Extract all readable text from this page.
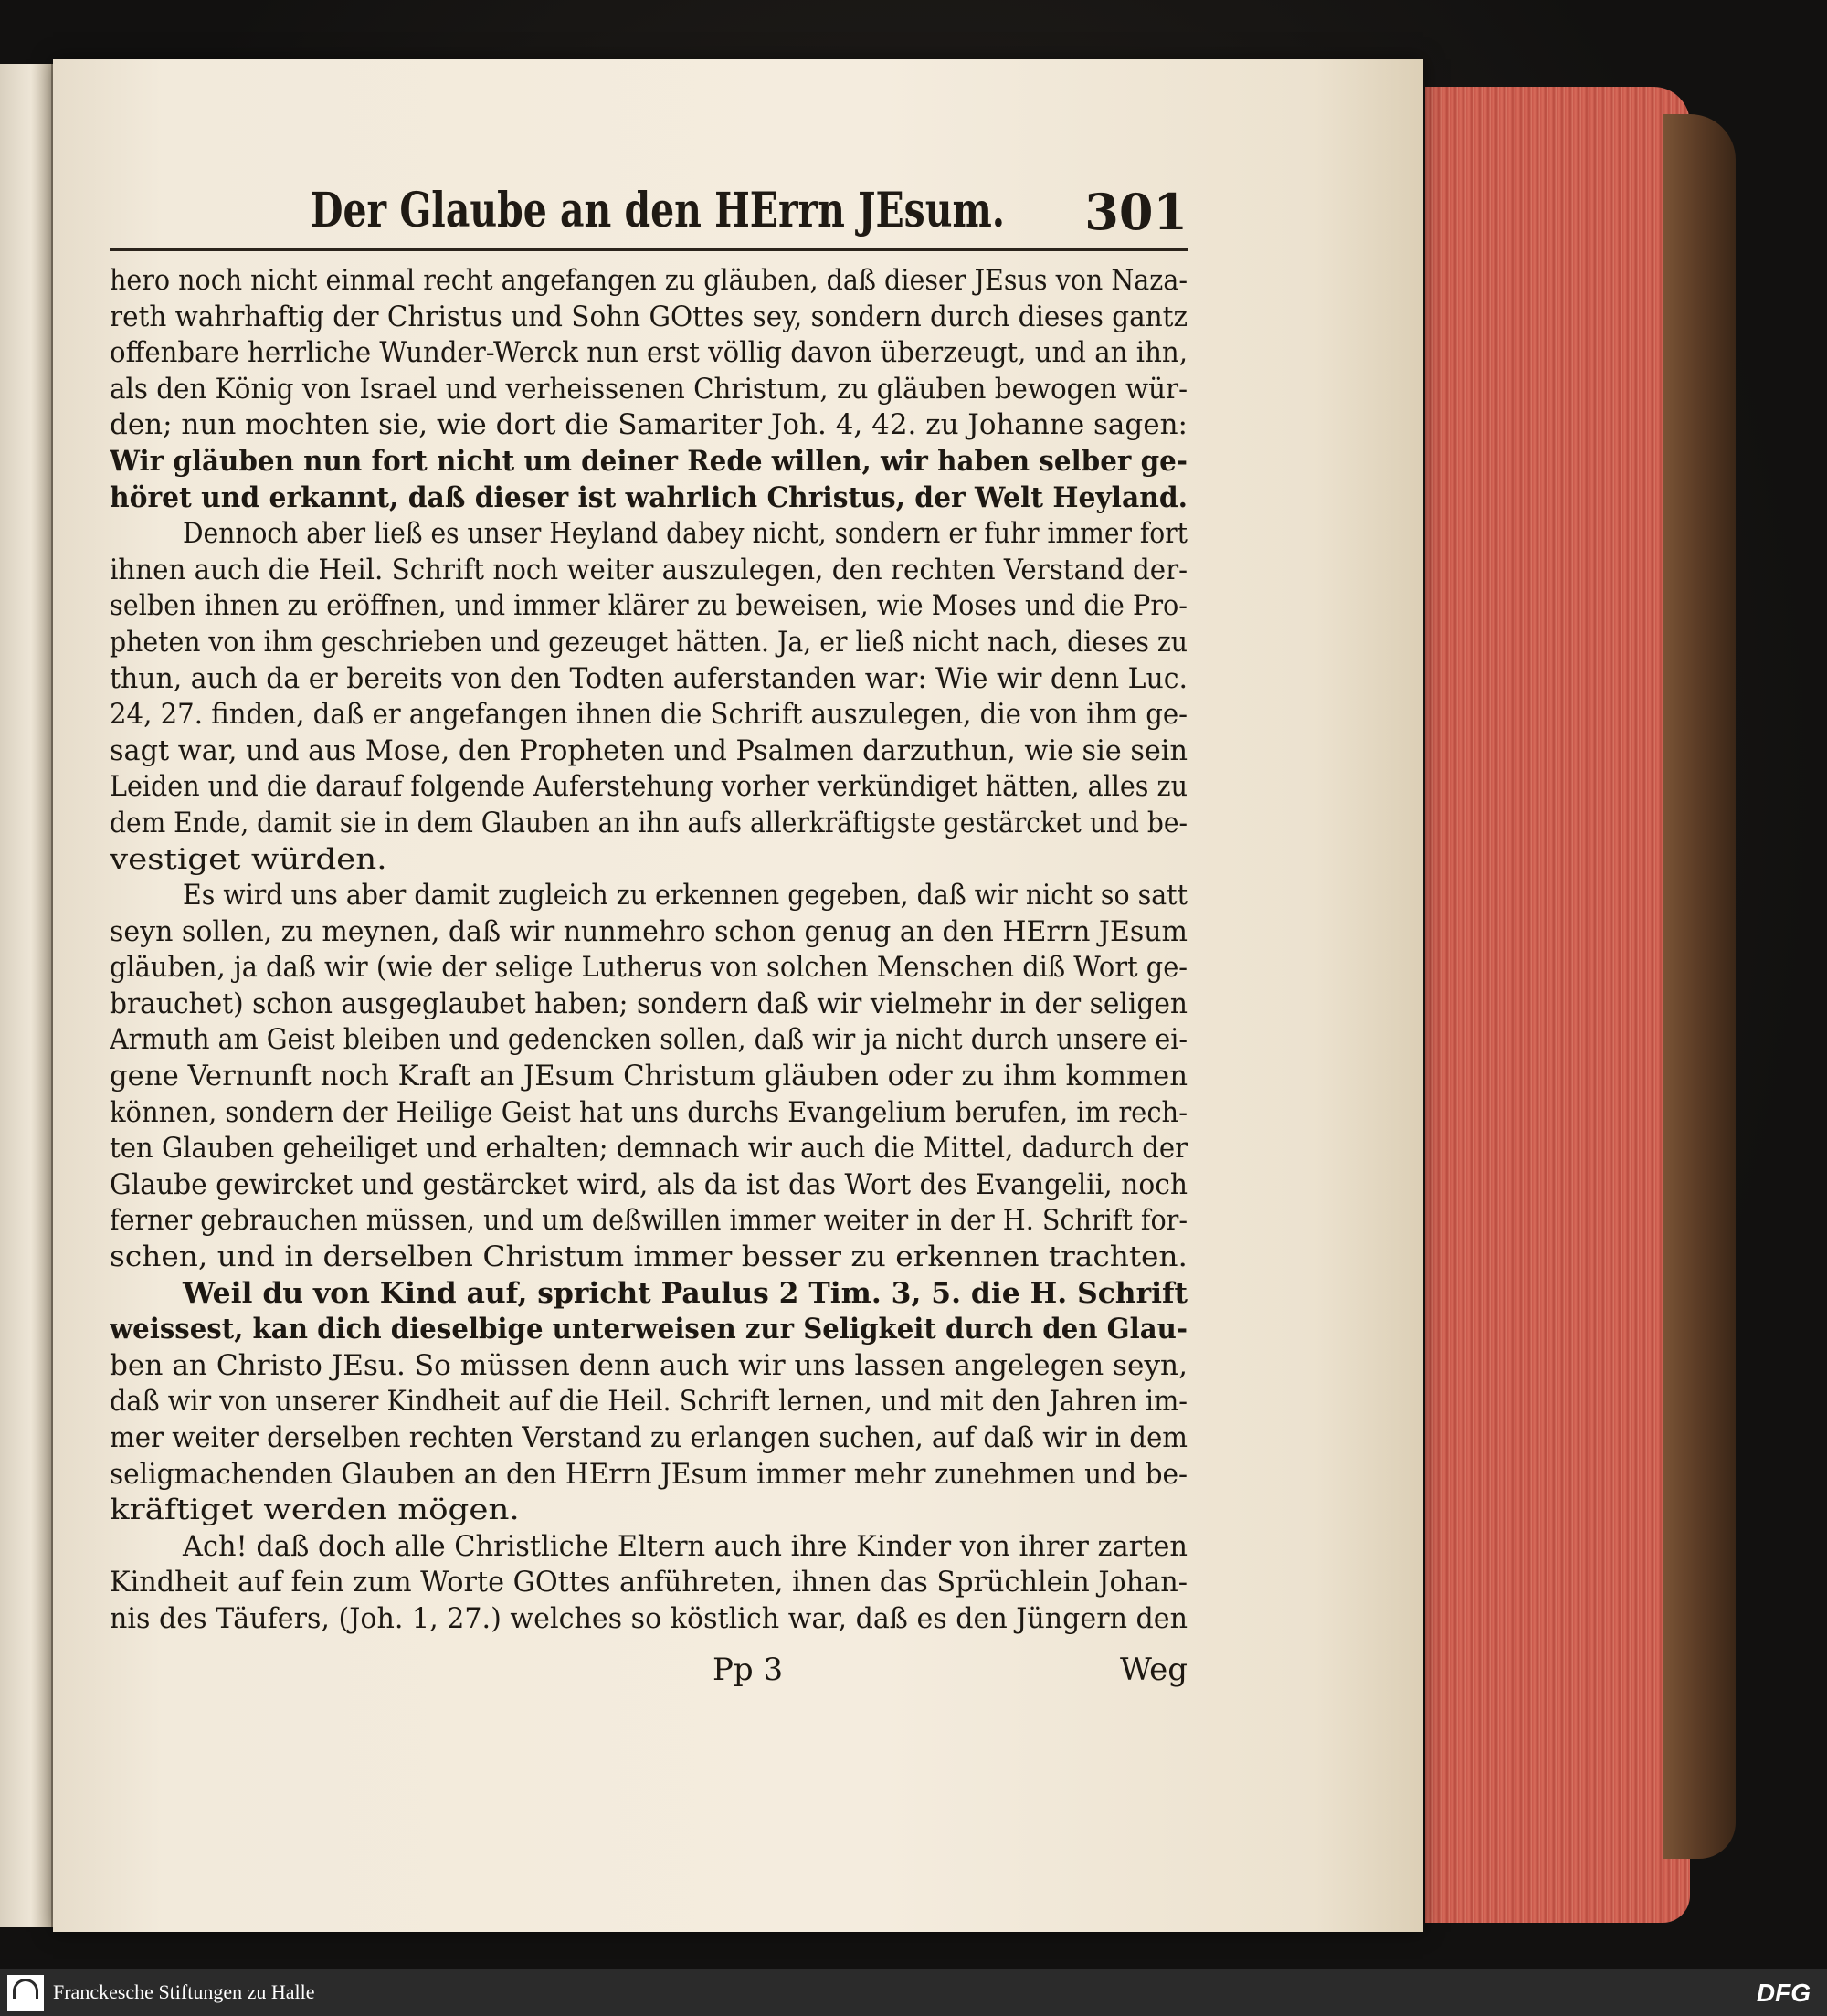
Der Glaube an den HErrn JEsum. 301
hero noch nicht einmal recht angefangen zu gläuben, daß dieser JEsus von Naza-
reth wahrhaftig der Christus und Sohn GOttes sey, sondern durch dieses gantz
offenbare herrliche Wunder-Werck nun erst völlig davon überzeugt, und an ihn,
als den König von Israel und verheissenen Christum, zu gläuben bewogen wür-
den; nun mochten sie, wie dort die Samariter Joh. 4, 42. zu Johanne sagen:
Wir gläuben nun fort nicht um deiner Rede willen, wir haben selber ge-
höret und erkannt, daß dieser ist wahrlich Christus, der Welt Heyland.
Dennoch aber ließ es unser Heyland dabey nicht, sondern er fuhr immer fort
ihnen auch die Heil. Schrift noch weiter auszulegen, den rechten Verstand der-
selben ihnen zu eröffnen, und immer klärer zu beweisen, wie Moses und die Pro-
pheten von ihm geschrieben und gezeuget hätten. Ja, er ließ nicht nach, dieses zu
thun, auch da er bereits von den Todten auferstanden war: Wie wir denn Luc.
24, 27. finden, daß er angefangen ihnen die Schrift auszulegen, die von ihm ge-
sagt war, und aus Mose, den Propheten und Psalmen darzuthun, wie sie sein
Leiden und die darauf folgende Auferstehung vorher verkündiget hätten, alles zu
dem Ende, damit sie in dem Glauben an ihn aufs allerkräftigste gestärcket und be-
vestiget würden.
Es wird uns aber damit zugleich zu erkennen gegeben, daß wir nicht so satt
seyn sollen, zu meynen, daß wir nunmehro schon genug an den HErrn JEsum
gläuben, ja daß wir (wie der selige Lutherus von solchen Menschen diß Wort ge-
brauchet) schon ausgeglaubet haben; sondern daß wir vielmehr in der seligen
Armuth am Geist bleiben und gedencken sollen, daß wir ja nicht durch unsere ei-
gene Vernunft noch Kraft an JEsum Christum gläuben oder zu ihm kommen
können, sondern der Heilige Geist hat uns durchs Evangelium berufen, im rech-
ten Glauben geheiliget und erhalten; demnach wir auch die Mittel, dadurch der
Glaube gewircket und gestärcket wird, als da ist das Wort des Evangelii, noch
ferner gebrauchen müssen, und um deßwillen immer weiter in der H. Schrift for-
schen, und in derselben Christum immer besser zu erkennen trachten.
Weil du von Kind auf, spricht Paulus 2 Tim. 3, 5. die H. Schrift
weissest, kan dich dieselbige unterweisen zur Seligkeit durch den Glau-
ben an Christo JEsu. So müssen denn auch wir uns lassen angelegen seyn,
daß wir von unserer Kindheit auf die Heil. Schrift lernen, und mit den Jahren im-
mer weiter derselben rechten Verstand zu erlangen suchen, auf daß wir in dem
seligmachenden Glauben an den HErrn JEsum immer mehr zunehmen und be-
kräftiget werden mögen.
Ach! daß doch alle Christliche Eltern auch ihre Kinder von ihrer zarten
Kindheit auf fein zum Worte GOttes anführeten, ihnen das Sprüchlein Johan-
nis des Täufers, (Joh. 1, 27.) welches so köstlich war, daß es den Jüngern den
Pp 3	Weg
Franckesche Stiftungen zu Halle	DFG
